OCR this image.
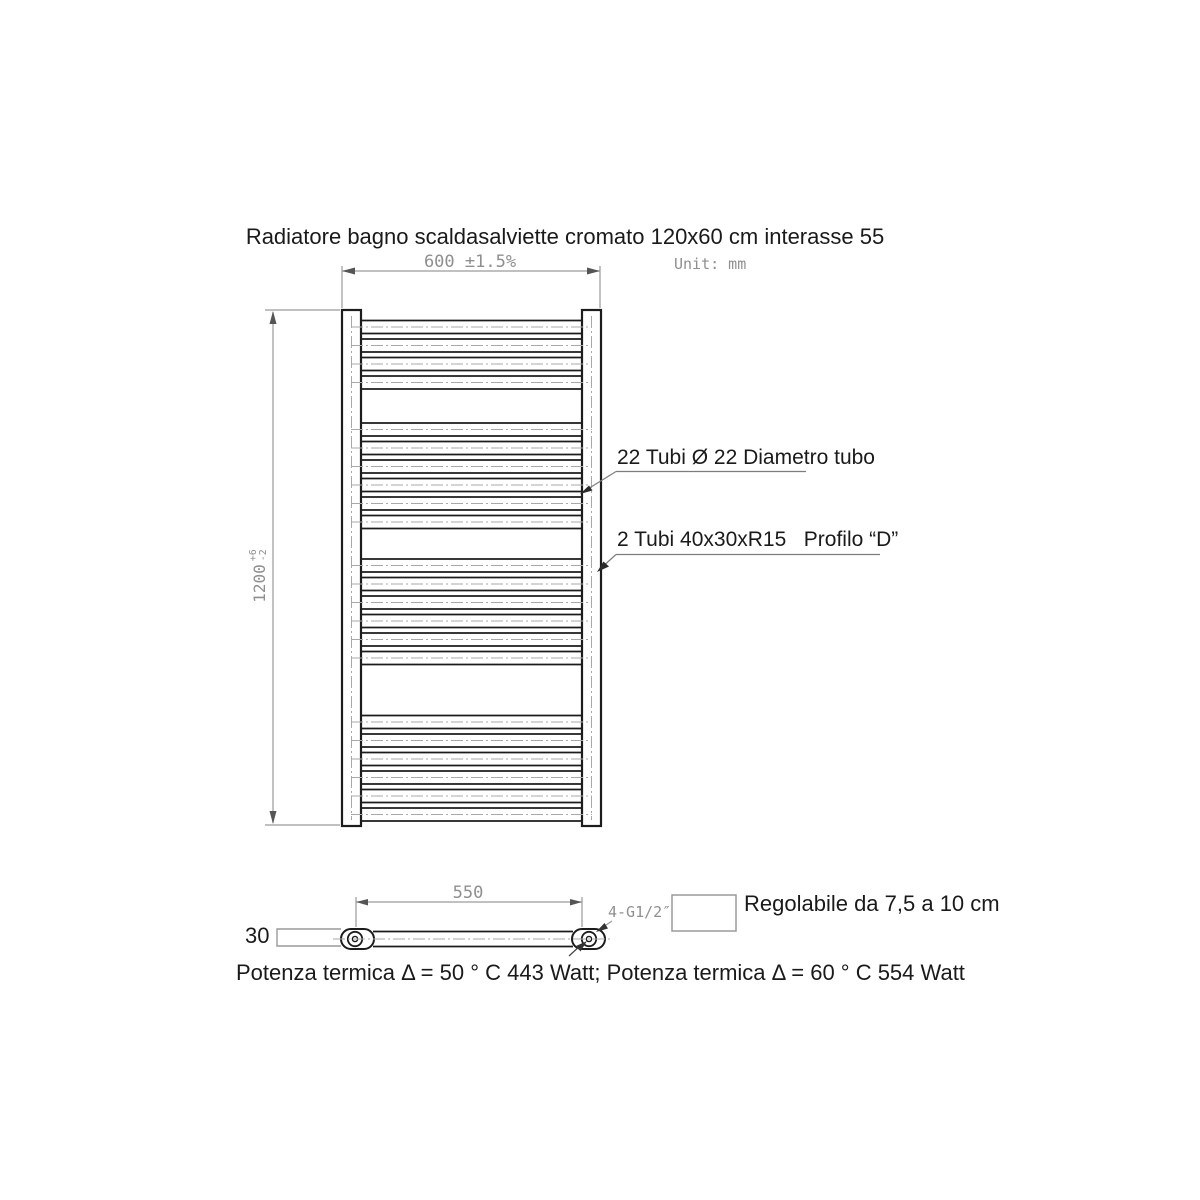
Radiatore bagno scaldasalviette cromato 120x60 cm interasse 55
600 ±1.5%	Unit: mm
1200
+6 -2
22 Tubi Ø 22 Diametro tubo
2 Tubi 40x30xR15   Profilo “D”
550
30
4-G1/2″	Regolabile da 7,5 a 10 cm
Potenza termica Δ = 50 ° C 443 Watt; Potenza termica Δ = 60 ° C 554 Watt
